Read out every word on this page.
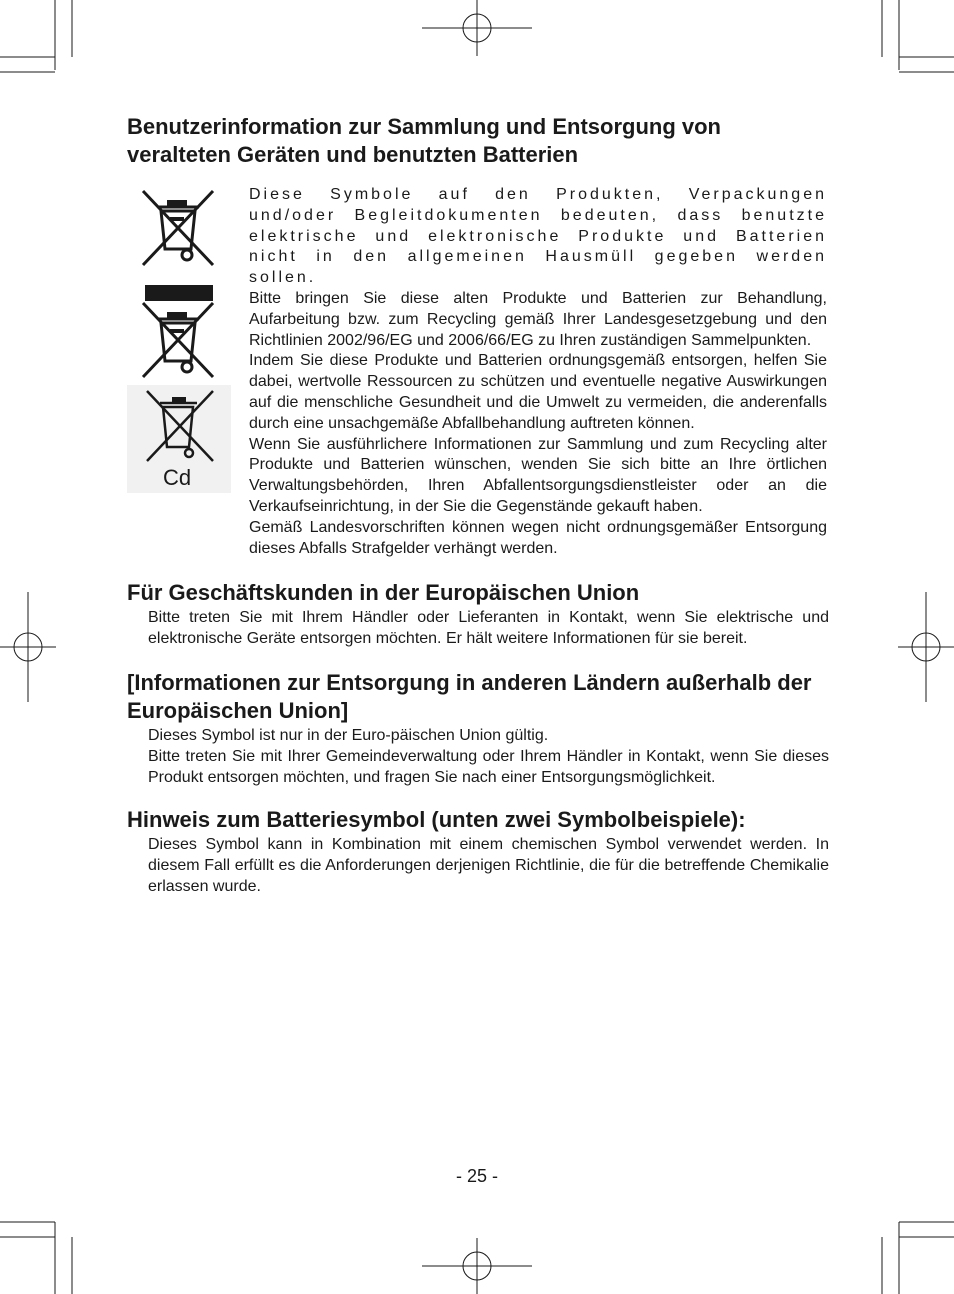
Benutzerinformation zur Sammlung und Entsorgung von veralteten Geräten und benutzten Batterien
Cd

Diese Symbole auf den Produkten, Verpackungen und/oder Begleitdokumenten bedeuten, dass benutzte elektrische und elektronische Produkte und Batterien nicht in den allgemeinen Hausmüll gegeben werden sollen.

Bitte bringen Sie diese alten Produkte und Batterien zur Behandlung, Aufarbeitung bzw. zum Recycling gemäß Ihrer Landesgesetzgebung und den Richtlinien 2002/96/EG und 2006/66/EG zu Ihren zuständigen Sammelpunkten.

Indem Sie diese Produkte und Batterien ordnungsgemäß entsorgen, helfen Sie dabei, wertvolle Ressourcen zu schützen und eventuelle negative Auswirkungen auf die menschliche Gesundheit und die Umwelt zu vermeiden, die anderenfalls durch eine unsachgemäße Abfallbehandlung auftreten können.

Wenn Sie ausführlichere Informationen zur Sammlung und zum Recycling alter Produkte und Batterien wünschen, wenden Sie sich bitte an Ihre örtlichen Verwaltungsbehörden, Ihren Abfallentsorgungsdienstleister oder an die Verkaufseinrichtung, in der Sie die Gegenstände gekauft haben.

Gemäß Landesvorschriften können wegen nicht ordnungsgemäßer Entsorgung dieses Abfalls Strafgelder verhängt werden.

Für Geschäftskunden in der Europäischen Union

Bitte treten Sie mit Ihrem Händler oder Lieferanten in Kontakt, wenn Sie elektrische und elektronische Geräte entsorgen möchten. Er hält weitere Informationen für sie bereit.

[Informationen zur Entsorgung in anderen Ländern außerhalb der Europäischen Union]

Dieses Symbol ist nur in der Euro-päischen Union gültig.

Bitte treten Sie mit Ihrer Gemeindeverwaltung oder Ihrem Händler in Kontakt, wenn Sie dieses Produkt entsorgen möchten, und fragen Sie nach einer Entsorgungsmöglichkeit.

Hinweis zum Batteriesymbol (unten zwei Symbolbeispiele):

Dieses Symbol kann in Kombination mit einem chemischen Symbol verwendet werden. In diesem Fall erfüllt es die Anforderungen derjenigen Richtlinie, die für die betreffende Chemikalie erlassen wurde.

- 25 -
